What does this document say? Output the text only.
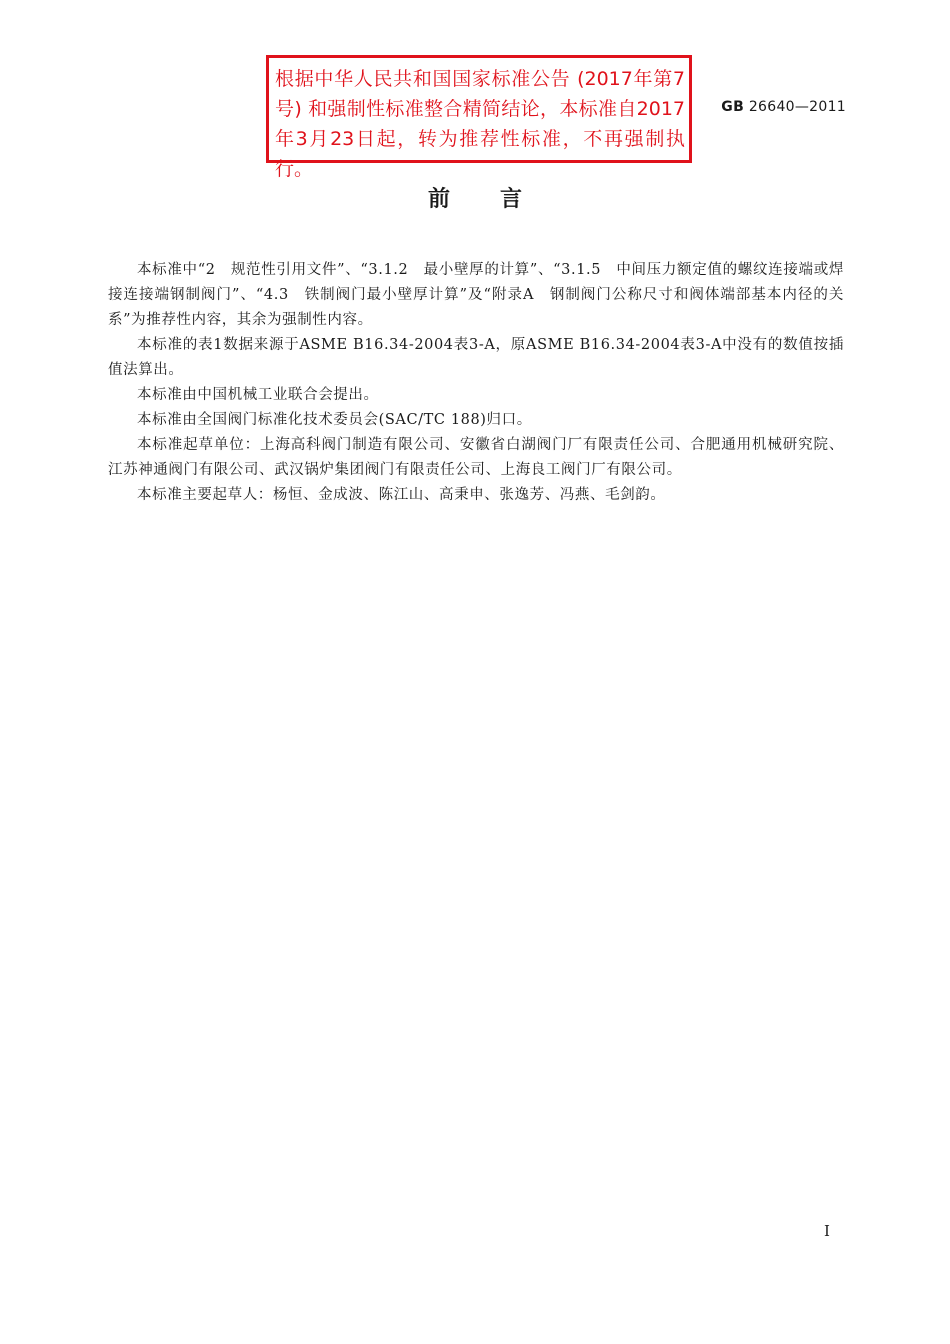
根据中华人民共和国国家标准公告 (2017年第7号) 和强制性标准整合精简结论，本标准自2017年3月23日起，转为推荐性标准，不再强制执行。
GB 26640—2011
前言

本标准中“2　规范性引用文件”、“3.1.2　最小壁厚的计算”、“3.1.5　中间压力额定值的螺纹连接端或焊接连接端钢制阀门”、“4.3　铁制阀门最小壁厚计算”及“附录A　钢制阀门公称尺寸和阀体端部基本内径的关系”为推荐性内容，其余为强制性内容。

本标准的表1数据来源于ASME B16.34-2004表3-A，原ASME B16.34-2004表3-A中没有的数值按插值法算出。

本标准由中国机械工业联合会提出。

本标准由全国阀门标准化技术委员会(SAC/TC 188)归口。

本标准起草单位：上海高科阀门制造有限公司、安徽省白湖阀门厂有限责任公司、合肥通用机械研究院、江苏神通阀门有限公司、武汉锅炉集团阀门有限责任公司、上海良工阀门厂有限公司。

本标准主要起草人：杨恒、金成波、陈江山、高秉申、张逸芳、冯燕、毛剑韵。

I
